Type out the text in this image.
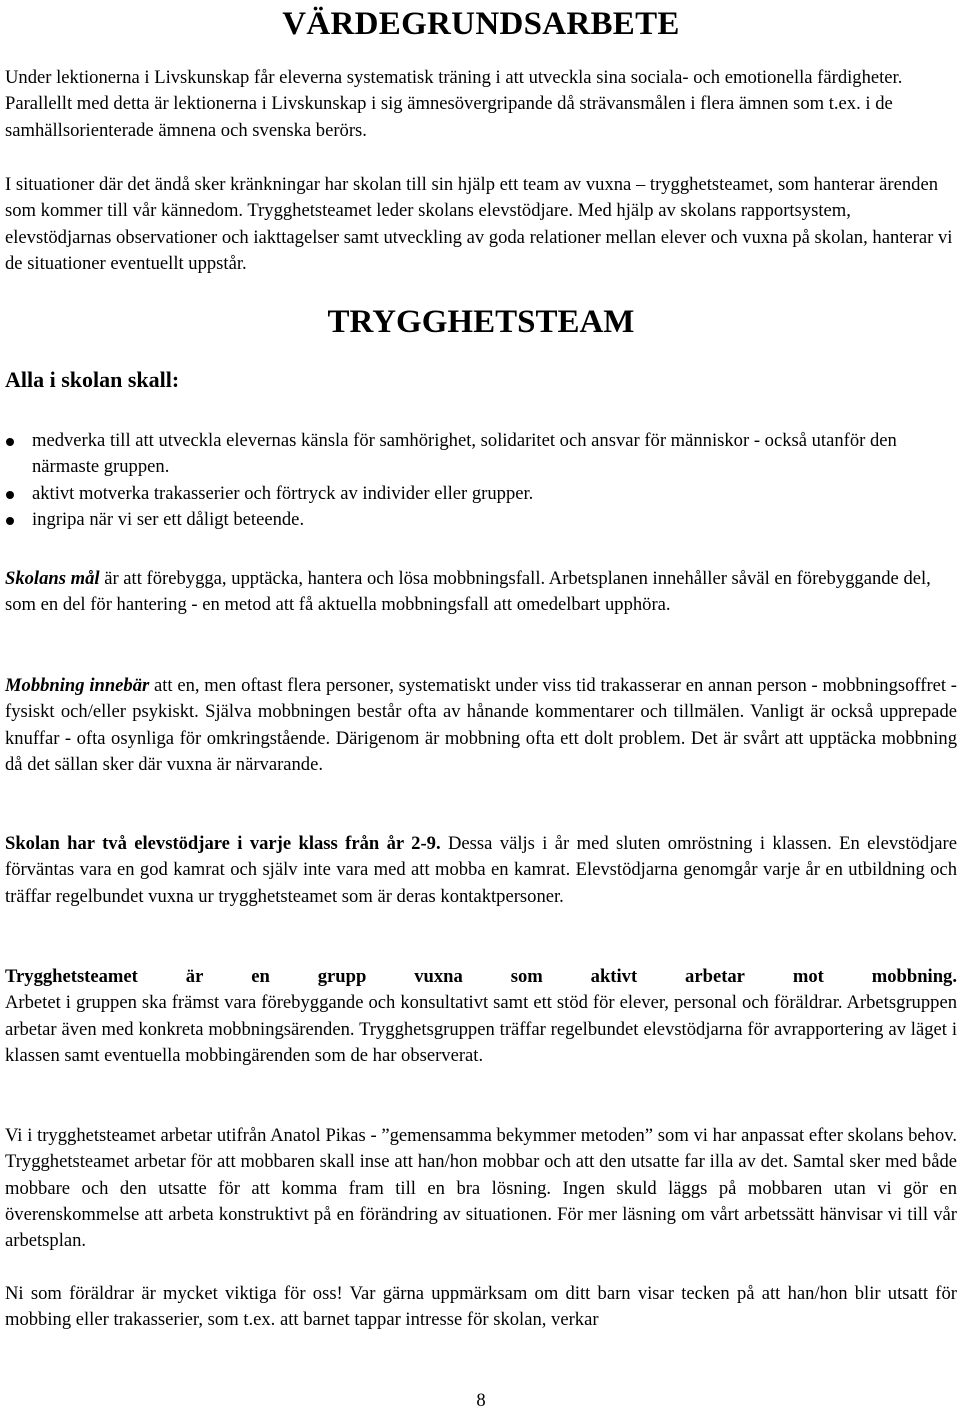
VÄRDEGRUNDSARBETE

Under lektionerna i Livskunskap får eleverna systematisk träning i att utveckla sina sociala- och emotionella färdigheter. Parallellt med detta är lektionerna i Livskunskap i sig ämnesövergripande då strävansmålen i flera ämnen som t.ex. i de samhällsorienterade ämnena och svenska berörs.

I situationer där det ändå sker kränkningar har skolan till sin hjälp ett team av vuxna – trygghetsteamet, som hanterar ärenden som kommer till vår kännedom. Trygghetsteamet leder skolans elevstödjare. Med hjälp av skolans rapportsystem, elevstödjarnas observationer och iakttagelser samt utveckling av goda relationer mellan elever och vuxna på skolan, hanterar vi de situationer eventuellt uppstår.

TRYGGHETSTEAM
Alla i skolan skall:
medverka till att utveckla elevernas känsla för samhörighet, solidaritet och ansvar för människor - också utanför den närmaste gruppen.
aktivt motverka trakasserier och förtryck av individer eller grupper.
ingripa när vi ser ett dåligt beteende.

Skolans mål är att förebygga, upptäcka, hantera och lösa mobbningsfall. Arbetsplanen innehåller såväl en förebyggande del, som en del för hantering - en metod att få aktuella mobbningsfall att omedelbart upphöra.

Mobbning innebär att en, men oftast flera personer, systematiskt under viss tid trakasserar en annan person - mobbningsoffret - fysiskt och/eller psykiskt. Själva mobbningen består ofta av hånande kommentarer och tillmälen. Vanligt är också upprepade knuffar - ofta osynliga för omkringstående. Därigenom är mobbning ofta ett dolt problem. Det är svårt att upptäcka mobbning då det sällan sker där vuxna är närvarande.

Skolan har två elevstödjare i varje klass från år 2-9. Dessa väljs i år med sluten omröstning i klassen. En elevstödjare förväntas vara en god kamrat och själv inte vara med att mobba en kamrat. Elevstödjarna genomgår varje år en utbildning och träffar regelbundet vuxna ur trygghetsteamet som är deras kontaktpersoner.

Trygghetsteamet	är	en	grupp	vuxna	som	aktivt	arbetar	mot	mobbning.
Arbetet i gruppen ska främst vara förebyggande och konsultativt samt ett stöd för elever, personal och föräldrar. Arbetsgruppen arbetar även med konkreta mobbningsärenden. Trygghetsgruppen träffar regelbundet elevstödjarna för avrapportering av läget i klassen samt eventuella mobbingärenden som de har observerat.

Vi i trygghetsteamet arbetar utifrån Anatol Pikas - ”gemensamma bekymmer metoden” som vi har anpassat efter skolans behov. Trygghetsteamet arbetar för att mobbaren skall inse att han/hon mobbar och att den utsatte far illa av det. Samtal sker med både mobbare och den utsatte för att komma fram till en bra lösning. Ingen skuld läggs på mobbaren utan vi gör en överenskommelse att arbeta konstruktivt på en förändring av situationen. För mer läsning om vårt arbetssätt hänvisar vi till vår arbetsplan.

Ni som föräldrar är mycket viktiga för oss! Var gärna uppmärksam om ditt barn visar tecken på att han/hon blir utsatt för mobbing eller trakasserier, som t.ex. att barnet tappar intresse för skolan, verkar

8
